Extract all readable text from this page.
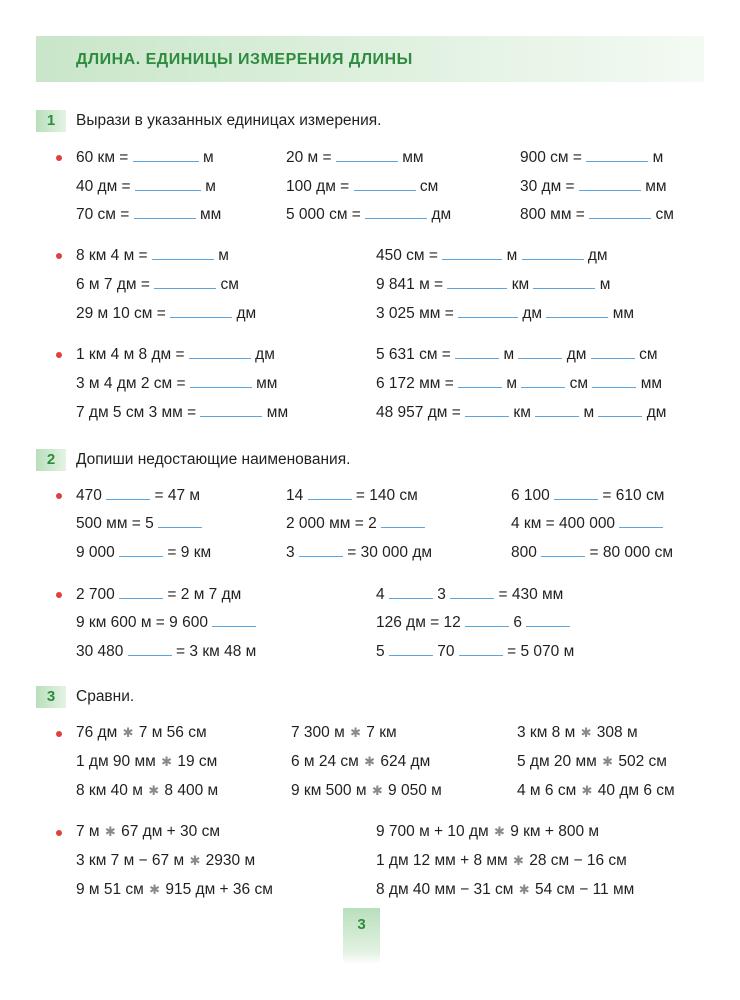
ДЛИНА. ЕДИНИЦЫ ИЗМЕРЕНИЯ ДЛИНЫ
1	Вырази в указанных единицах измерения.
60 км =	м	20 м =	мм	900 см =	м
40 дм =	м	100 дм =	см	30 дм =	мм
70 см =	мм	5 000 см =	дм	800 мм =	см
8 км 4 м =	м	450 см =	м	дм
6 м 7 дм =	см	9 841 м =	км	м
29 м 10 см =	дм	3 025 мм =	дм	мм
1 км 4 м 8 дм =	дм	5 631 см =	м	дм	см
3 м 4 дм 2 см =	мм	6 172 мм =	м	см	мм
7 дм 5 см 3 мм =	мм	48 957 дм =	км	м	дм
2	Допиши недостающие наименования.
470	= 47 м	14	= 140 см	6 100	= 610 см
500 мм = 5	2 000 мм = 2	4 км = 400 000
9 000	= 9 км	3	= 30 000 дм	800	= 80 000 см
2 700	= 2 м 7 дм	4	3	= 430 мм
9 км 600 м = 9 600	126 дм = 12	6
30 480	= 3 км 48 м	5	70	= 5 070 м
3	Сравни.
76 дм ✱ 7 м 56 см	7 300 м ✱ 7 км	3 км 8 м ✱ 308 м
1 дм 90 мм ✱ 19 см	6 м 24 см ✱ 624 дм	5 дм 20 мм ✱ 502 см
8 км 40 м ✱ 8 400 м	9 км 500 м ✱ 9 050 м	4 м 6 см ✱ 40 дм 6 см
7 м ✱ 67 дм + 30 см	9 700 м + 10 дм ✱ 9 км + 800 м
3 км 7 м − 67 м ✱ 2930 м	1 дм 12 мм + 8 мм ✱ 28 см − 16 см
9 м 51 см ✱ 915 дм + 36 см	8 дм 40 мм − 31 см ✱ 54 см − 11 мм
3
